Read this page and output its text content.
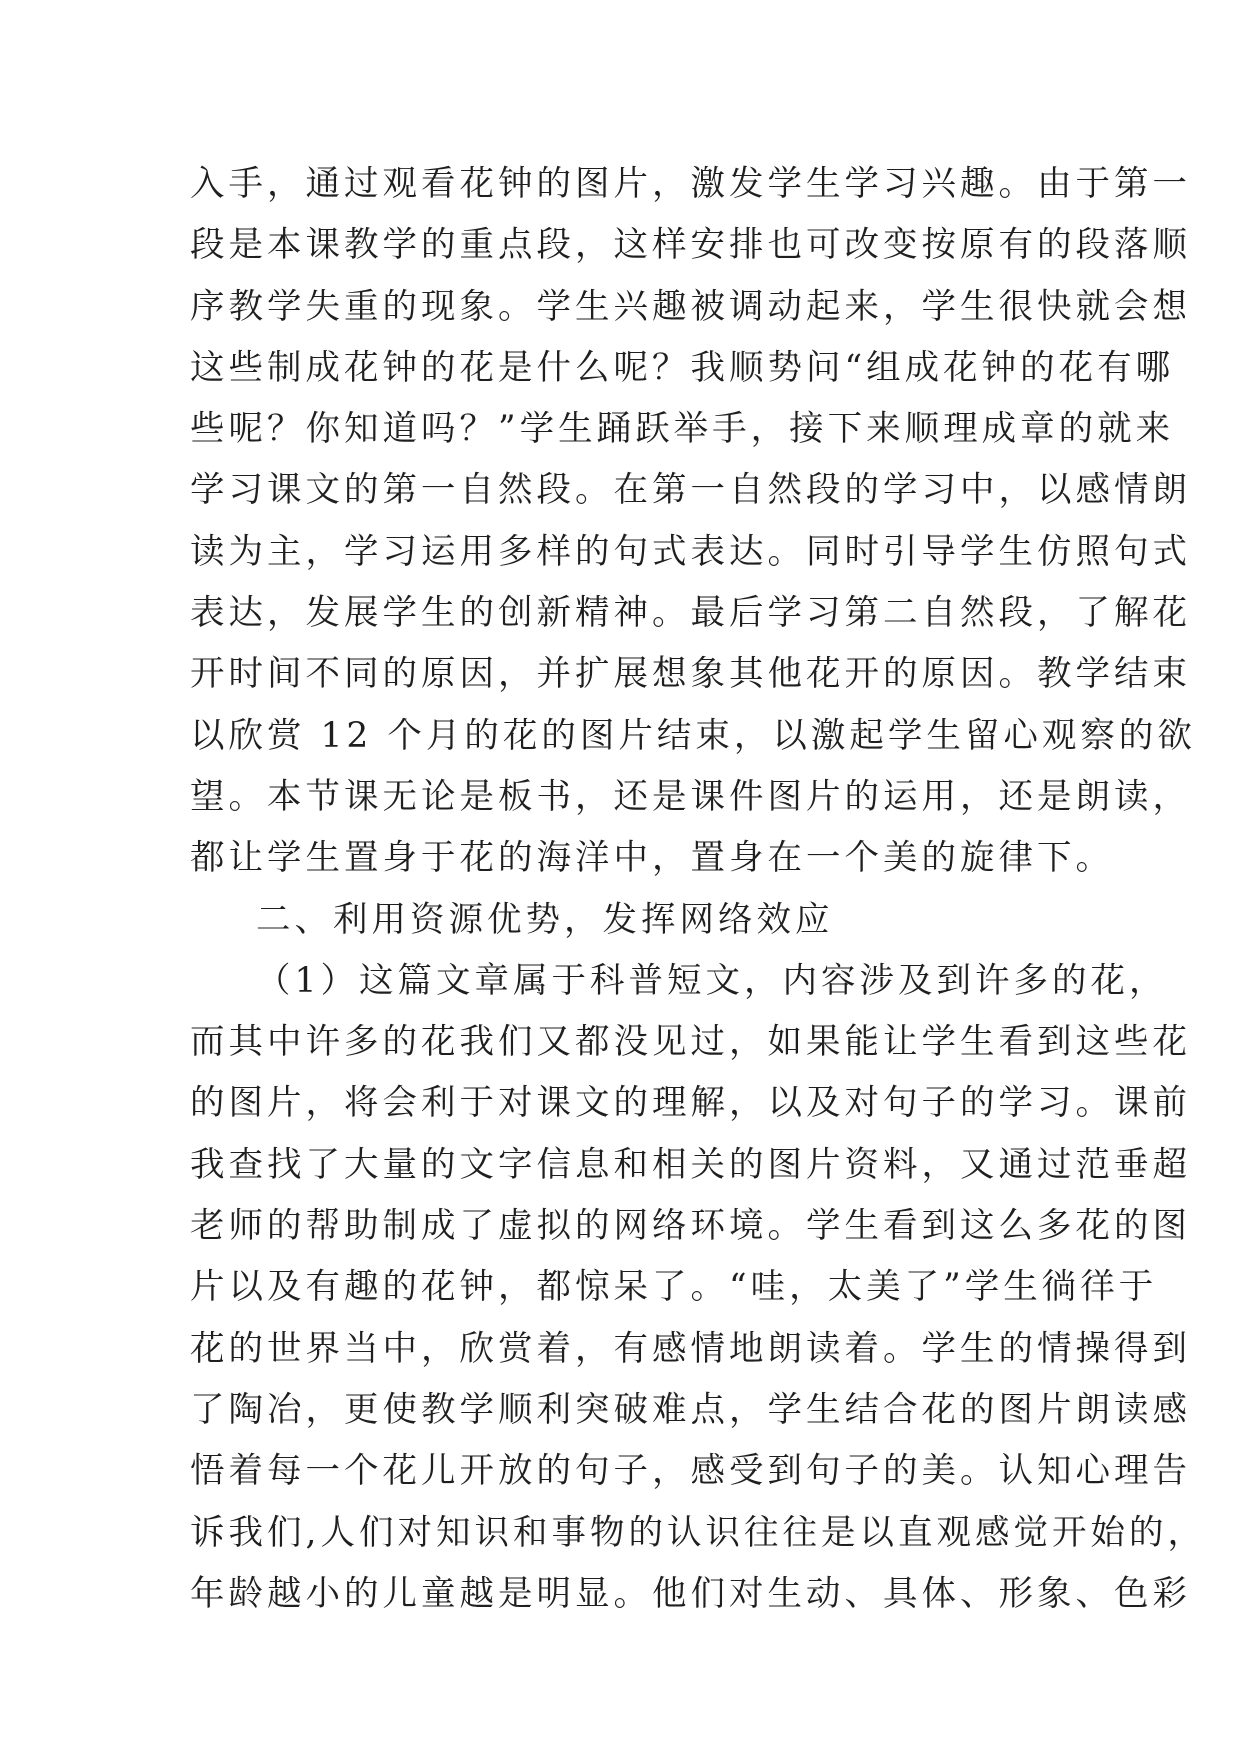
入手，通过观看花钟的图片，激发学生学习兴趣。由于第一
段是本课教学的重点段，这样安排也可改变按原有的段落顺
序教学失重的现象。学生兴趣被调动起来，学生很快就会想
这些制成花钟的花是什么呢？我顺势问“组成花钟的花有哪
些呢？你知道吗？”学生踊跃举手，接下来顺理成章的就来
学习课文的第一自然段。在第一自然段的学习中，以感情朗
读为主，学习运用多样的句式表达。同时引导学生仿照句式
表达，发展学生的创新精神。最后学习第二自然段，了解花
开时间不同的原因，并扩展想象其他花开的原因。教学结束
以欣赏 12 个月的花的图片结束，以激起学生留心观察的欲
望。本节课无论是板书，还是课件图片的运用，还是朗读，
都让学生置身于花的海洋中，置身在一个美的旋律下。
二、利用资源优势，发挥网络效应
（1）这篇文章属于科普短文，内容涉及到许多的花，
而其中许多的花我们又都没见过，如果能让学生看到这些花
的图片，将会利于对课文的理解，以及对句子的学习。课前
我查找了大量的文字信息和相关的图片资料，又通过范垂超
老师的帮助制成了虚拟的网络环境。学生看到这么多花的图
片以及有趣的花钟，都惊呆了。“哇，太美了”学生徜徉于
花的世界当中，欣赏着，有感情地朗读着。学生的情操得到
了陶冶，更使教学顺利突破难点，学生结合花的图片朗读感
悟着每一个花儿开放的句子，感受到句子的美。认知心理告
诉我们,人们对知识和事物的认识往往是以直观感觉开始的，
年龄越小的儿童越是明显。他们对生动、具体、形象、色彩
